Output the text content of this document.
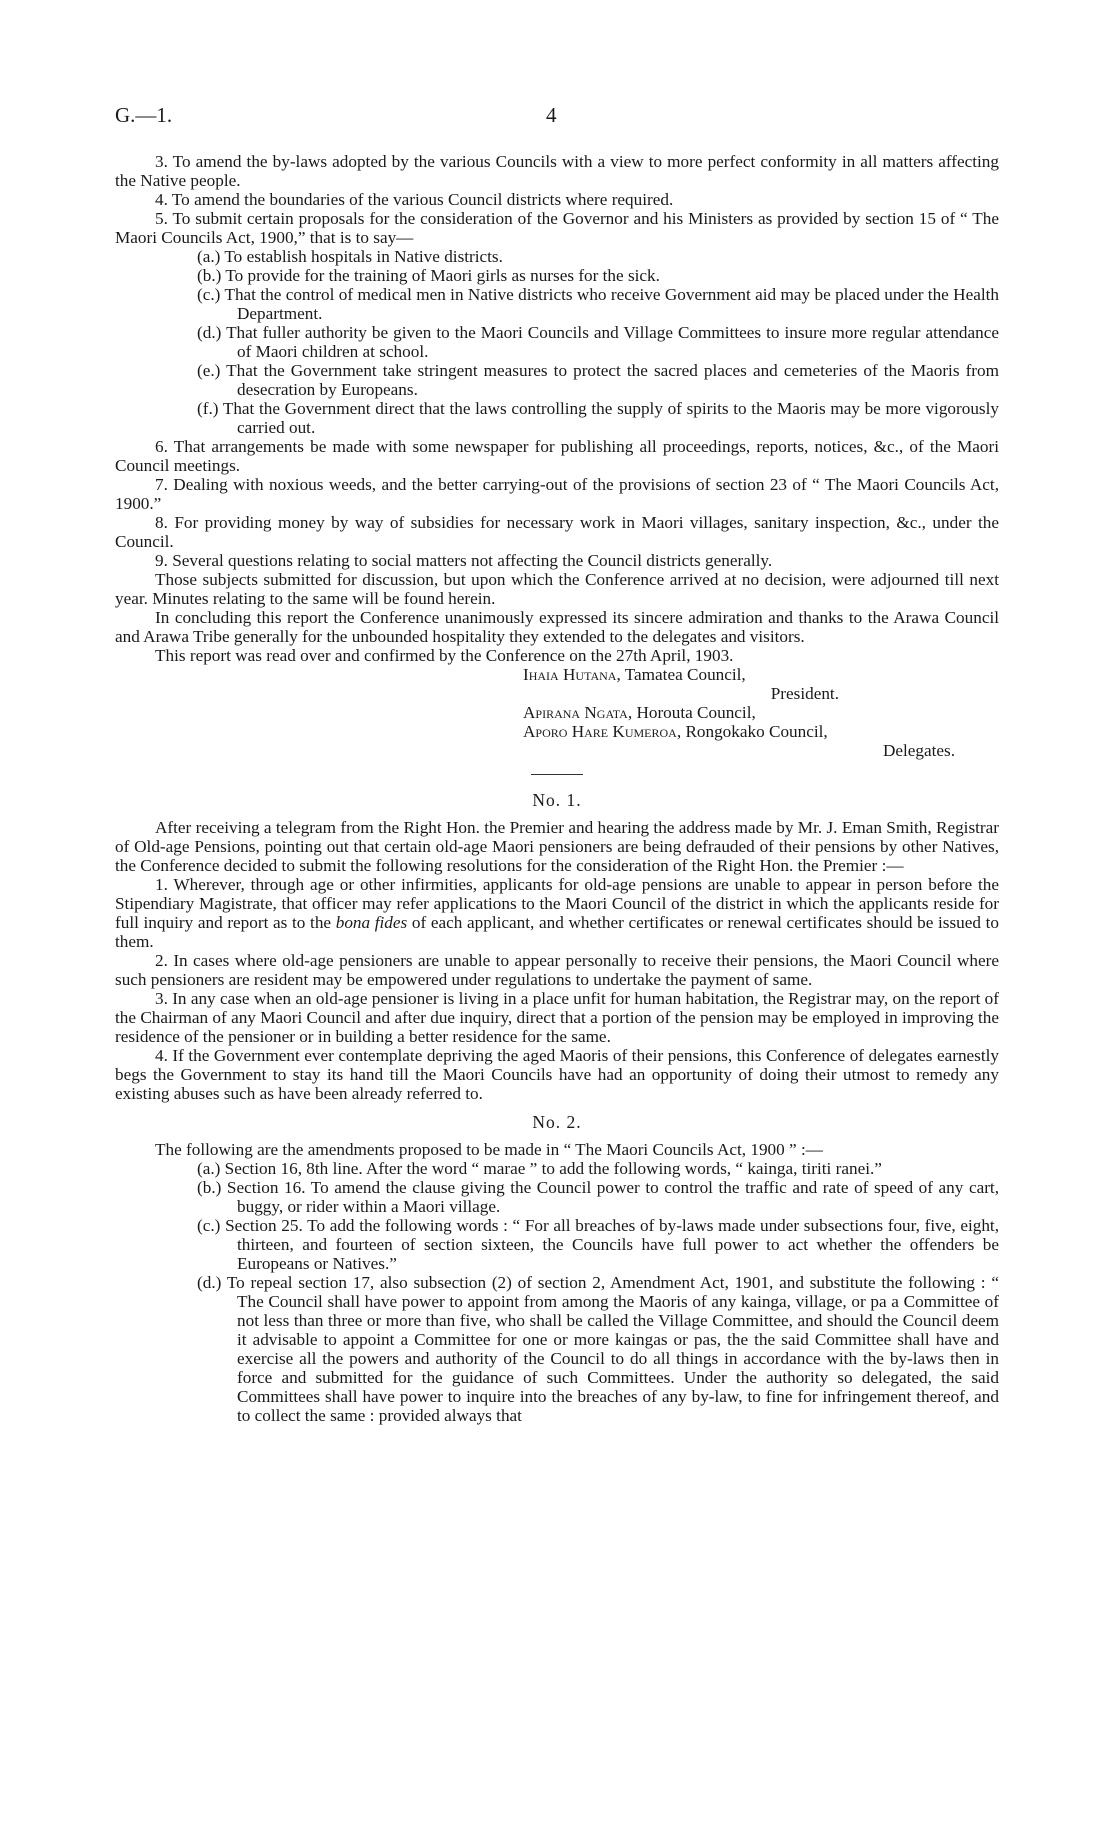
G.—1.	4

3. To amend the by-laws adopted by the various Councils with a view to more perfect conformity in all matters affecting the Native people.

4. To amend the boundaries of the various Council districts where required.

5. To submit certain proposals for the consideration of the Governor and his Ministers as provided by section 15 of “ The Maori Councils Act, 1900,” that is to say—

(a.) To establish hospitals in Native districts.

(b.) To provide for the training of Maori girls as nurses for the sick.

(c.) That the control of medical men in Native districts who receive Government aid may be placed under the Health Department.

(d.) That fuller authority be given to the Maori Councils and Village Committees to insure more regular attendance of Maori children at school.

(e.) That the Government take stringent measures to protect the sacred places and cemeteries of the Maoris from desecration by Europeans.

(f.) That the Government direct that the laws controlling the supply of spirits to the Maoris may be more vigorously carried out.

6. That arrangements be made with some newspaper for publishing all proceedings, reports, notices, &c., of the Maori Council meetings.

7. Dealing with noxious weeds, and the better carrying-out of the provisions of section 23 of “ The Maori Councils Act, 1900.”

8. For providing money by way of subsidies for necessary work in Maori villages, sanitary inspection, &c., under the Council.

9. Several questions relating to social matters not affecting the Council districts generally.

Those subjects submitted for discussion, but upon which the Conference arrived at no decision, were adjourned till next year. Minutes relating to the same will be found herein.

In concluding this report the Conference unanimously expressed its sincere admiration and thanks to the Arawa Council and Arawa Tribe generally for the unbounded hospitality they extended to the delegates and visitors.

This report was read over and confirmed by the Conference on the 27th April, 1903.

Ihaia Hutana, Tamatea Council,

President.

Apirana Ngata, Horouta Council,

Aporo Hare Kumeroa, Rongokako Council,

Delegates.

No. 1.

After receiving a telegram from the Right Hon. the Premier and hearing the address made by Mr. J. Eman Smith, Registrar of Old-age Pensions, pointing out that certain old-age Maori pensioners are being defrauded of their pensions by other Natives, the Conference decided to submit the following resolutions for the consideration of the Right Hon. the Premier :—

1. Wherever, through age or other infirmities, applicants for old-age pensions are unable to appear in person before the Stipendiary Magistrate, that officer may refer applications to the Maori Council of the district in which the applicants reside for full inquiry and report as to the bona fides of each applicant, and whether certificates or renewal certificates should be issued to them.

2. In cases where old-age pensioners are unable to appear personally to receive their pensions, the Maori Council where such pensioners are resident may be empowered under regulations to undertake the payment of same.

3. In any case when an old-age pensioner is living in a place unfit for human habitation, the Registrar may, on the report of the Chairman of any Maori Council and after due inquiry, direct that a portion of the pension may be employed in improving the residence of the pensioner or in building a better residence for the same.

4. If the Government ever contemplate depriving the aged Maoris of their pensions, this Conference of delegates earnestly begs the Government to stay its hand till the Maori Councils have had an opportunity of doing their utmost to remedy any existing abuses such as have been already referred to.

No. 2.

The following are the amendments proposed to be made in “ The Maori Councils Act, 1900 ” :—

(a.) Section 16, 8th line. After the word “ marae ” to add the following words, “ kainga, tiriti ranei.”

(b.) Section 16. To amend the clause giving the Council power to control the traffic and rate of speed of any cart, buggy, or rider within a Maori village.

(c.) Section 25. To add the following words : “ For all breaches of by-laws made under subsections four, five, eight, thirteen, and fourteen of section sixteen, the Councils have full power to act whether the offenders be Europeans or Natives.”

(d.) To repeal section 17, also subsection (2) of section 2, Amendment Act, 1901, and substitute the following : “ The Council shall have power to appoint from among the Maoris of any kainga, village, or pa a Committee of not less than three or more than five, who shall be called the Village Committee, and should the Council deem it advisable to appoint a Committee for one or more kaingas or pas, the the said Committee shall have and exercise all the powers and authority of the Council to do all things in accordance with the by-laws then in force and submitted for the guidance of such Committees. Under the authority so delegated, the said Committees shall have power to inquire into the breaches of any by-law, to fine for infringement thereof, and to collect the same : provided always that
